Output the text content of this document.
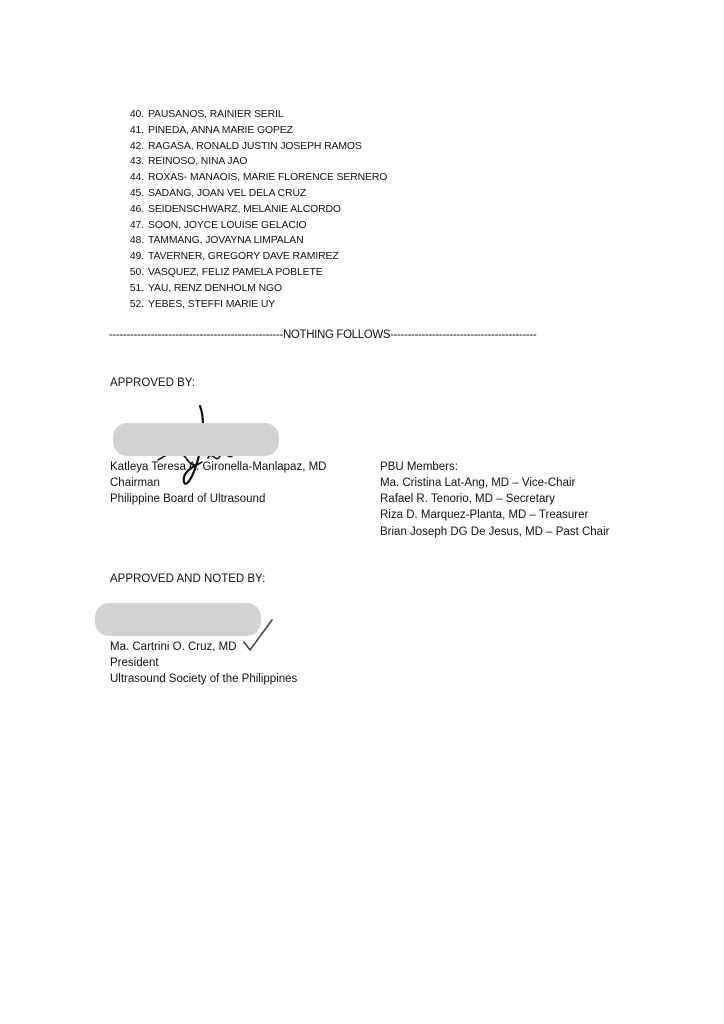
40. PAUSANOS, RAINIER SERIL
41. PINEDA, ANNA MARIE GOPEZ
42. RAGASA, RONALD JUSTIN JOSEPH RAMOS
43. REINOSO, NINA JAO
44. ROXAS- MANAOIS, MARIE FLORENCE SERNERO
45. SADANG, JOAN VEL DELA CRUZ
46. SEIDENSCHWARZ, MELANIE ALCORDO
47. SOON, JOYCE LOUISE GELACIO
48. TAMMANG, JOVAYNA LIMPALAN
49. TAVERNER, GREGORY DAVE RAMIREZ
50. VASQUEZ, FELIZ PAMELA POBLETE
51. YAU, RENZ DENHOLM NGO
52. YEBES, STEFFI MARIE UY
--------------------------------------------------NOTHING FOLLOWS------------------------------------------
APPROVED BY:
Katleya Teresa A. Gironella-Manlapaz, MD
Chairman
Philippine Board of Ultrasound
PBU Members:
Ma. Cristina Lat-Ang, MD – Vice-Chair
Rafael R. Tenorio, MD – Secretary
Riza D. Marquez-Planta, MD – Treasurer
Brian Joseph DG De Jesus, MD – Past Chair
APPROVED AND NOTED BY:
Ma. Cartrini O. Cruz, MD
President
Ultrasound Society of the Philippines
